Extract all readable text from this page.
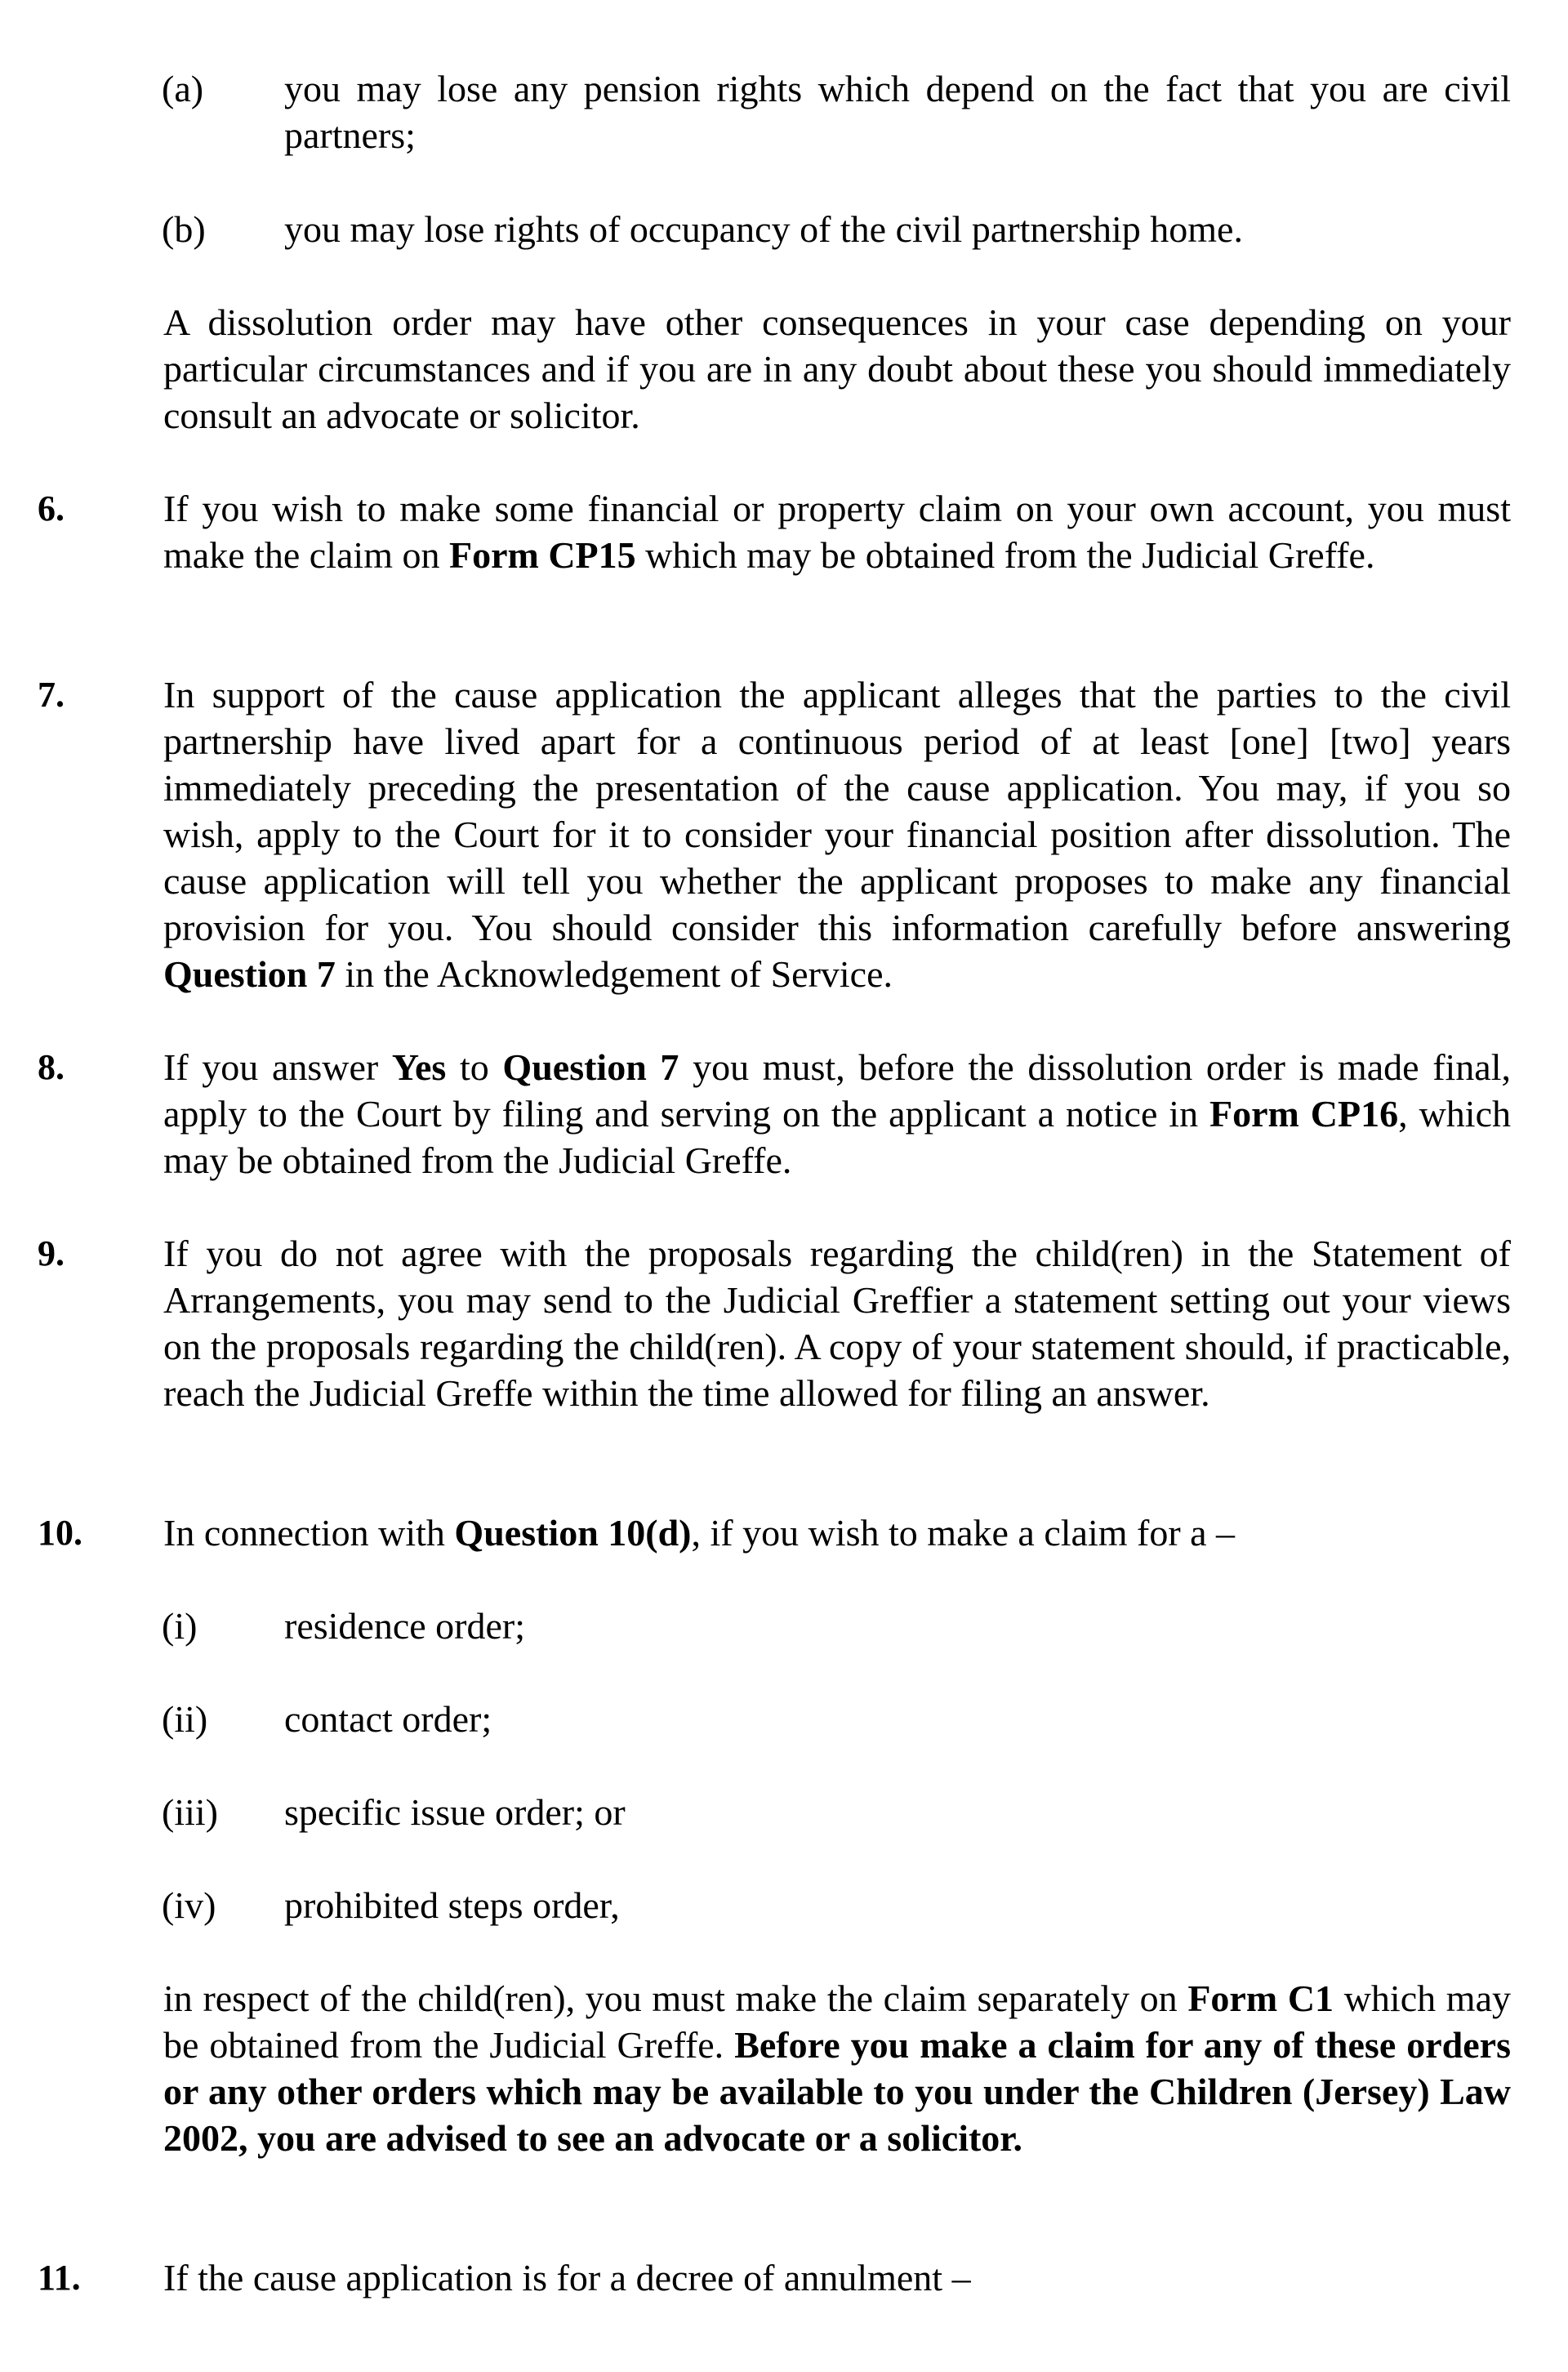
(a) you may lose any pension rights which depend on the fact that you are civil partners;
(b) you may lose rights of occupancy of the civil partnership home.
A dissolution order may have other consequences in your case depending on your particular circumstances and if you are in any doubt about these you should immediately consult an advocate or solicitor.
6.	If you wish to make some financial or property claim on your own account, you must make the claim on Form CP15 which may be obtained from the Judicial Greffe.
7.	In support of the cause application the applicant alleges that the parties to the civil partnership have lived apart for a continuous period of at least [one] [two] years immediately preceding the presentation of the cause application. You may, if you so wish, apply to the Court for it to consider your financial position after dissolution. The cause application will tell you whether the applicant proposes to make any financial provision for you. You should consider this information carefully before answering Question 7 in the Acknowledgement of Service.
8.	If you answer Yes to Question 7 you must, before the dissolution order is made final, apply to the Court by filing and serving on the applicant a notice in Form CP16, which may be obtained from the Judicial Greffe.
9.	If you do not agree with the proposals regarding the child(ren) in the Statement of Arrangements, you may send to the Judicial Greffier a statement setting out your views on the proposals regarding the child(ren). A copy of your statement should, if practicable, reach the Judicial Greffe within the time allowed for filing an answer.
10. In connection with Question 10(d), if you wish to make a claim for a –
(i) residence order;
(ii) contact order;
(iii) specific issue order; or
(iv) prohibited steps order,
in respect of the child(ren), you must make the claim separately on Form C1 which may be obtained from the Judicial Greffe. Before you make a claim for any of these orders or any other orders which may be available to you under the Children (Jersey) Law 2002, you are advised to see an advocate or a solicitor.
11. If the cause application is for a decree of annulment –
